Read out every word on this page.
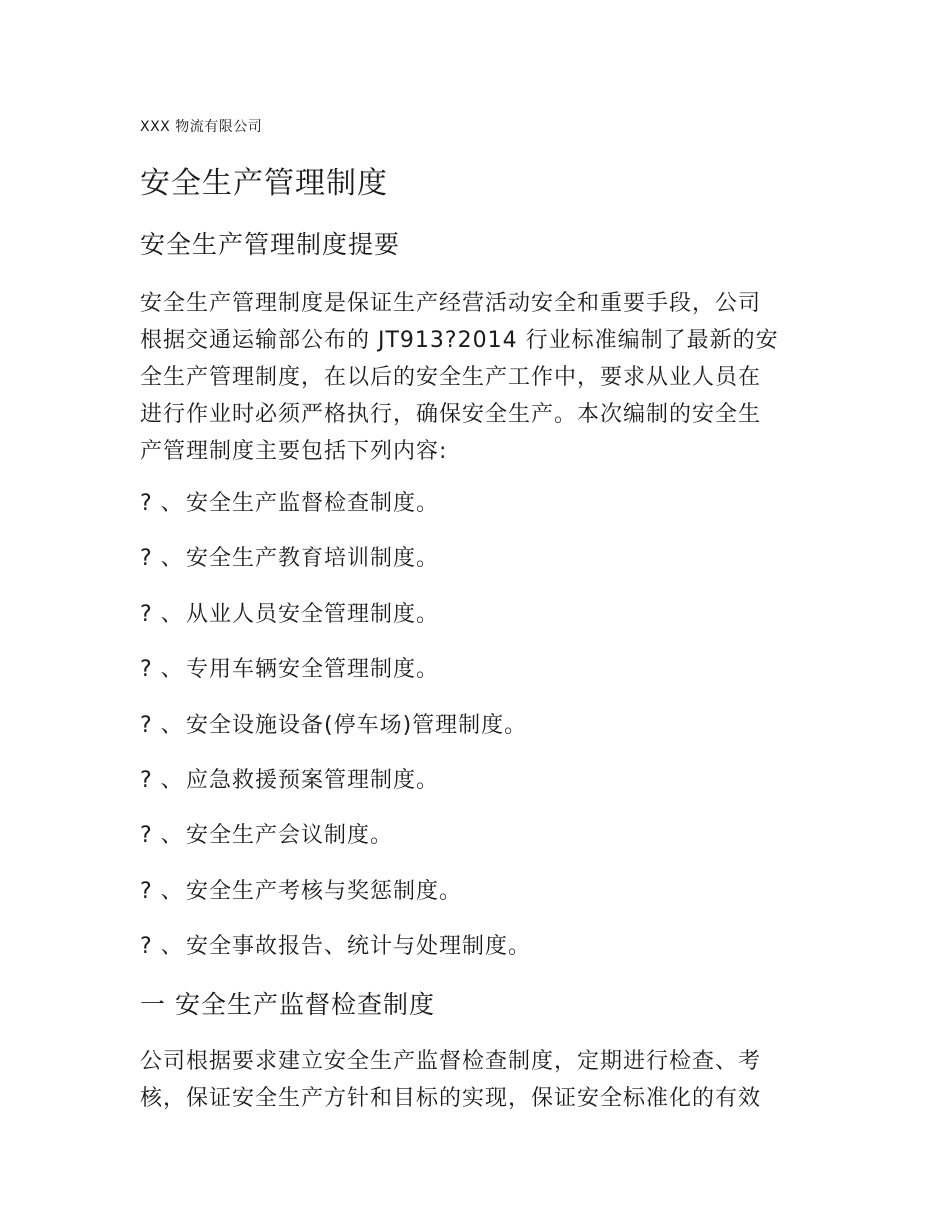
XXX 物流有限公司
安全生产管理制度
安全生产管理制度提要
安全生产管理制度是保证生产经营活动安全和重要手段，公司
根据交通运输部公布的 JT913?2014 行业标准编制了最新的安
全生产管理制度，在以后的安全生产工作中，要求从业人员在
进行作业时必须严格执行，确保安全生产。本次编制的安全生
产管理制度主要包括下列内容:
? 、 安全生产监督检查制度。
? 、 安全生产教育培训制度。
? 、 从业人员安全管理制度。
? 、 专用车辆安全管理制度。
? 、 安全设施设备(停车场)管理制度。
? 、 应急救援预案管理制度。
? 、 安全生产会议制度。
? 、 安全生产考核与奖惩制度。
? 、 安全事故报告、统计与处理制度。
一 安全生产监督检查制度
公司根据要求建立安全生产监督检查制度，定期进行检查、考
核，保证安全生产方针和目标的实现，保证安全标准化的有效
